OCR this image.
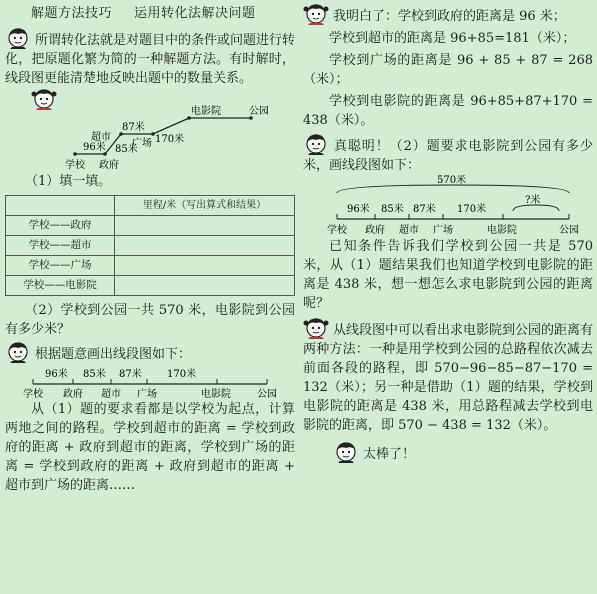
解题方法技巧 运用转化法解决问题

所谓转化法就是对题目中的条件或问题进行转化，把原题化繁为简的一种解题方法。有时解时，线段图更能清楚地反映出题中的数量关系。

超市
87米
170米
电影院	公园
96米	广场
学校
85米
政府

（1）填一填。

	里程/米（写出算式和结果）
学校——政府	
学校——超市	
学校——广场	
学校——电影院	

（2）学校到公园一共 570 米，电影院到公园有多少米？

根据题意画出线段图如下：

96米 85米 87米	170米
学校 政府 超市 广场	电影院	公园

从（1）题的要求看都是以学校为起点，计算两地之间的路程。学校到超市的距离 = 学校到政府的距离 + 政府到超市的距离，学校到广场的距离 = 学校到政府的距离 + 政府到超市的距离 + 超市到广场的距离……

我明白了：学校到政府的距离是 96 米；

学校到超市的距离是 96+85=181（米）；

学校到广场的距离是 96 + 85 + 87 = 268（米）；

学校到电影院的距离是 96+85+87+170 = 438（米）。

真聪明！（2）题要求电影院到公园有多少米，画线段图如下：

570米
96米 85米 87米 170米
?米
学校 政府 超市 广场	电影院	公园

已知条件告诉我们学校到公园一共是 570 米，从（1）题结果我们也知道学校到电影院的距离是 438 米，想一想怎么求电影院到公园的距离呢？

从线段图中可以看出求电影院到公园的距离有两种方法：一种是用学校到公园的总路程依次减去前面各段的路程，即 570−96−85−87−170 = 132（米）；另一种是借助（1）题的结果，学校到电影院的距离是 438 米，用总路程减去学校到电影院的距离，即 570 − 438 = 132（米）。

太棒了！
